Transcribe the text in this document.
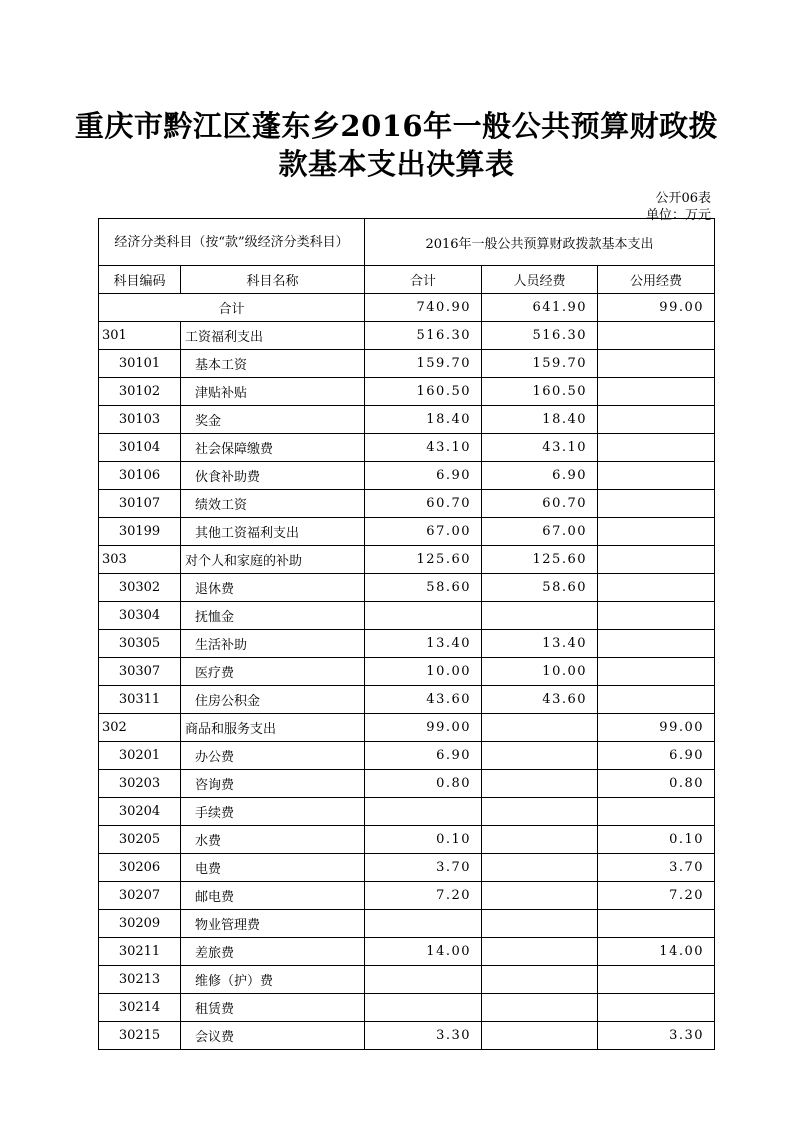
重庆市黔江区蓬东乡2016年一般公共预算财政拨
款基本支出决算表
公开06表
单位：万元
经济分类科目（按“款”级经济分类科目）		2016年一般公共预算财政拨款基本支出		
科目编码	科目名称	合计	人员经费	公用经费
合计		740.90	641.90	99.00
301	工资福利支出	516.30	516.30	
30101	基本工资	159.70	159.70	
30102	津贴补贴	160.50	160.50	
30103	奖金	18.40	18.40	
30104	社会保障缴费	43.10	43.10	
30106	伙食补助费	6.90	6.90	
30107	绩效工资	60.70	60.70	
30199	其他工资福利支出	67.00	67.00	
303	对个人和家庭的补助	125.60	125.60	
30302	退休费	58.60	58.60	
30304	抚恤金			
30305	生活补助	13.40	13.40	
30307	医疗费	10.00	10.00	
30311	住房公积金	43.60	43.60	
302	商品和服务支出	99.00		99.00
30201	办公费	6.90		6.90
30203	咨询费	0.80		0.80
30204	手续费			
30205	水费	0.10		0.10
30206	电费	3.70		3.70
30207	邮电费	7.20		7.20
30209	物业管理费			
30211	差旅费	14.00		14.00
30213	维修（护）费			
30214	租赁费			
30215	会议费	3.30		3.30
